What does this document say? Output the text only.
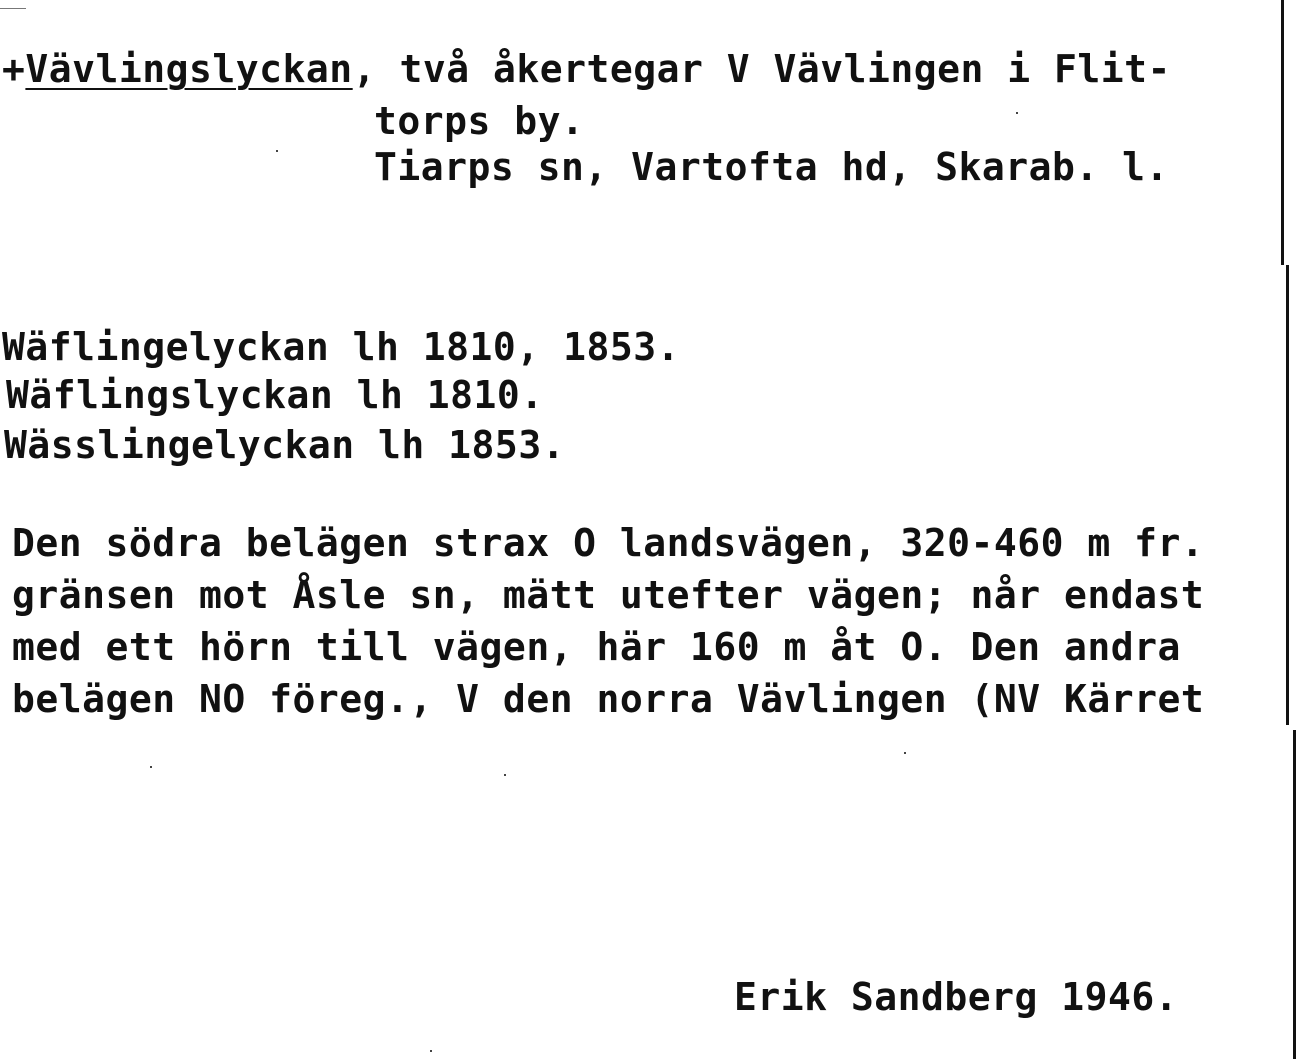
+Vävlingslyckan, två åkertegar V Vävlingen i Flit-
torps by.
Tiarps sn, Vartofta hd, Skarab. l.
Wäflingelyckan lh 1810, 1853.
Wäflingslyckan lh 1810.
Wässlingelyckan lh 1853.
Den södra belägen strax O landsvägen, 320-460 m fr.
gränsen mot Åsle sn, mätt utefter vägen; når endast
med ett hörn till vägen, här 160 m åt O. Den andra
belägen NO föreg., V den norra Vävlingen (NV Kärret
Erik Sandberg 1946.
